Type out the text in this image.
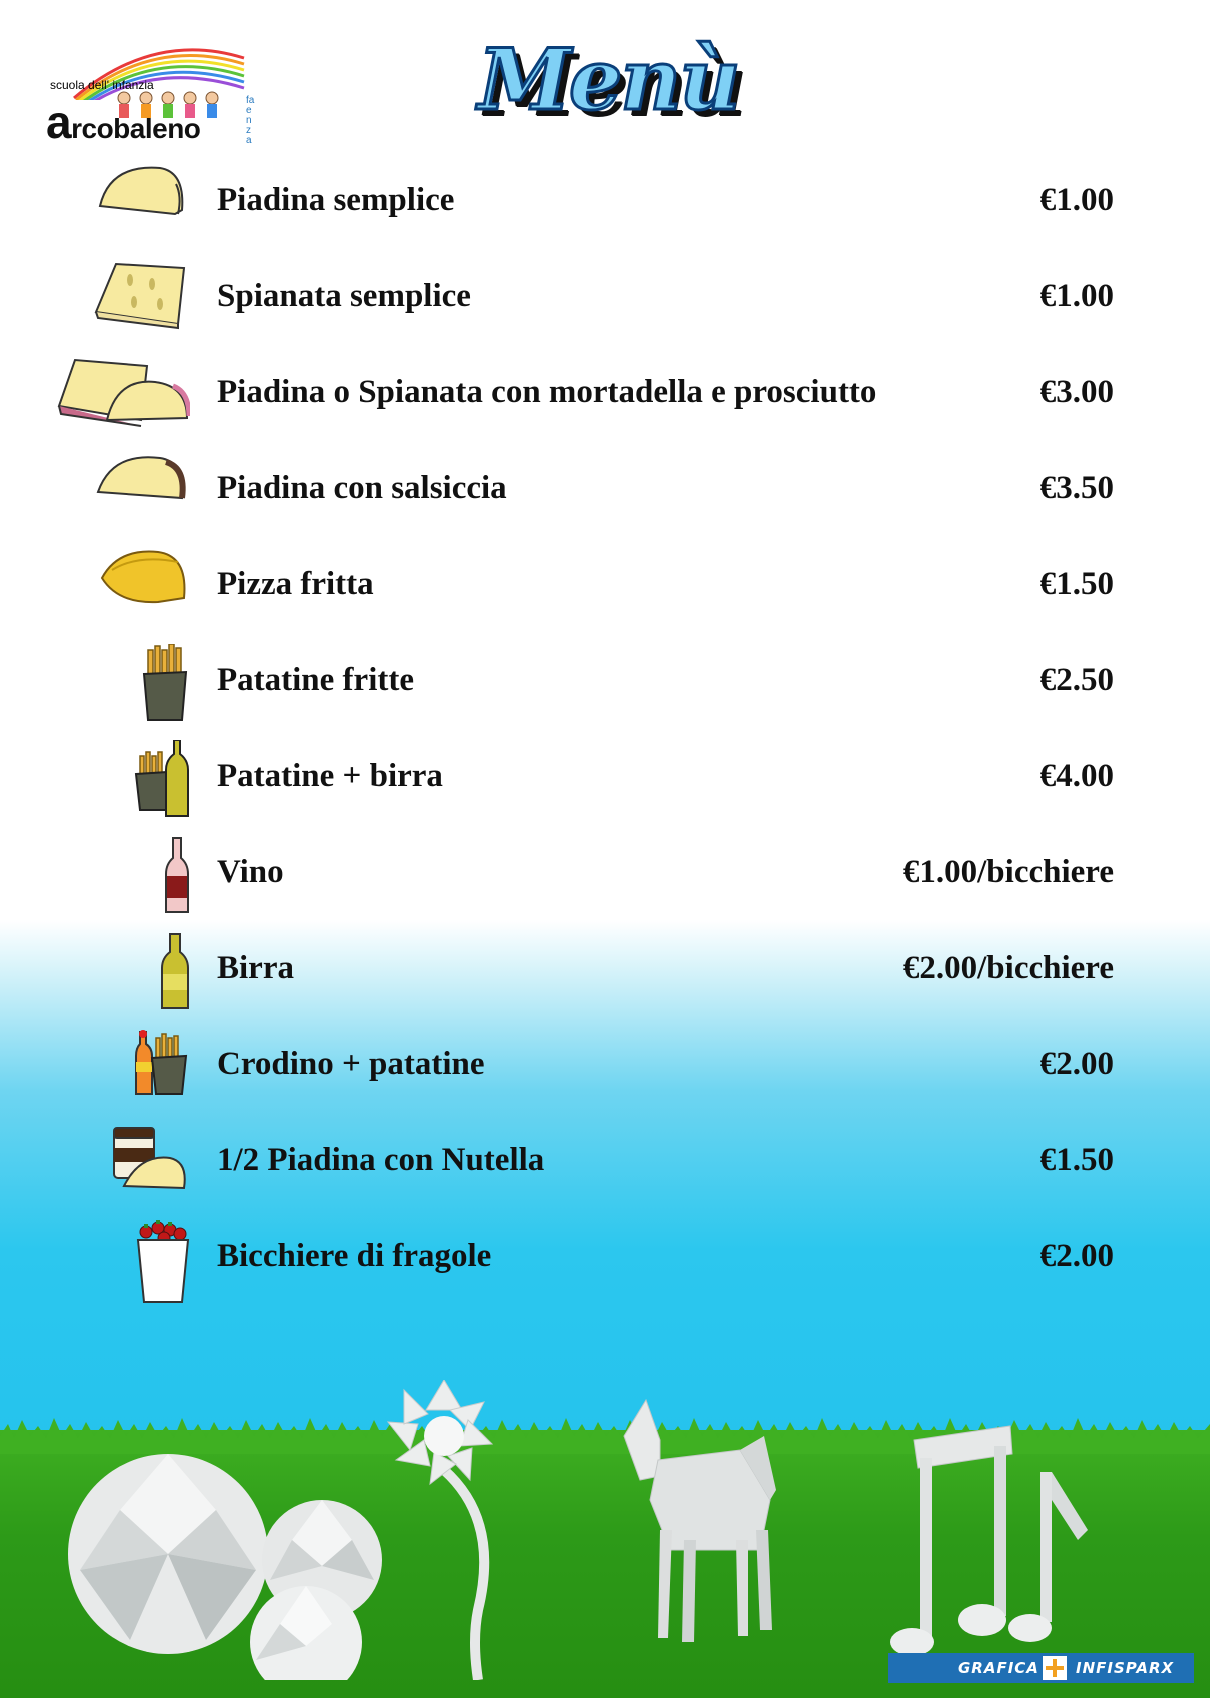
scuola dell' infanzia
arcobaleno
faenza
Menù
Piadina semplice	€1.00
Spianata semplice	€1.00
Piadina o Spianata con mortadella e prosciutto	€3.00
Piadina con salsiccia	€3.50
Pizza fritta	€1.50
Patatine fritte	€2.50
Patatine + birra	€4.00
Vino	€1.00/bicchiere
Birra	€2.00/bicchiere
Crodino + patatine	€2.00
1/2 Piadina con Nutella	€1.50
Bicchiere di fragole	€2.00
GRAFICA INFISPARX
